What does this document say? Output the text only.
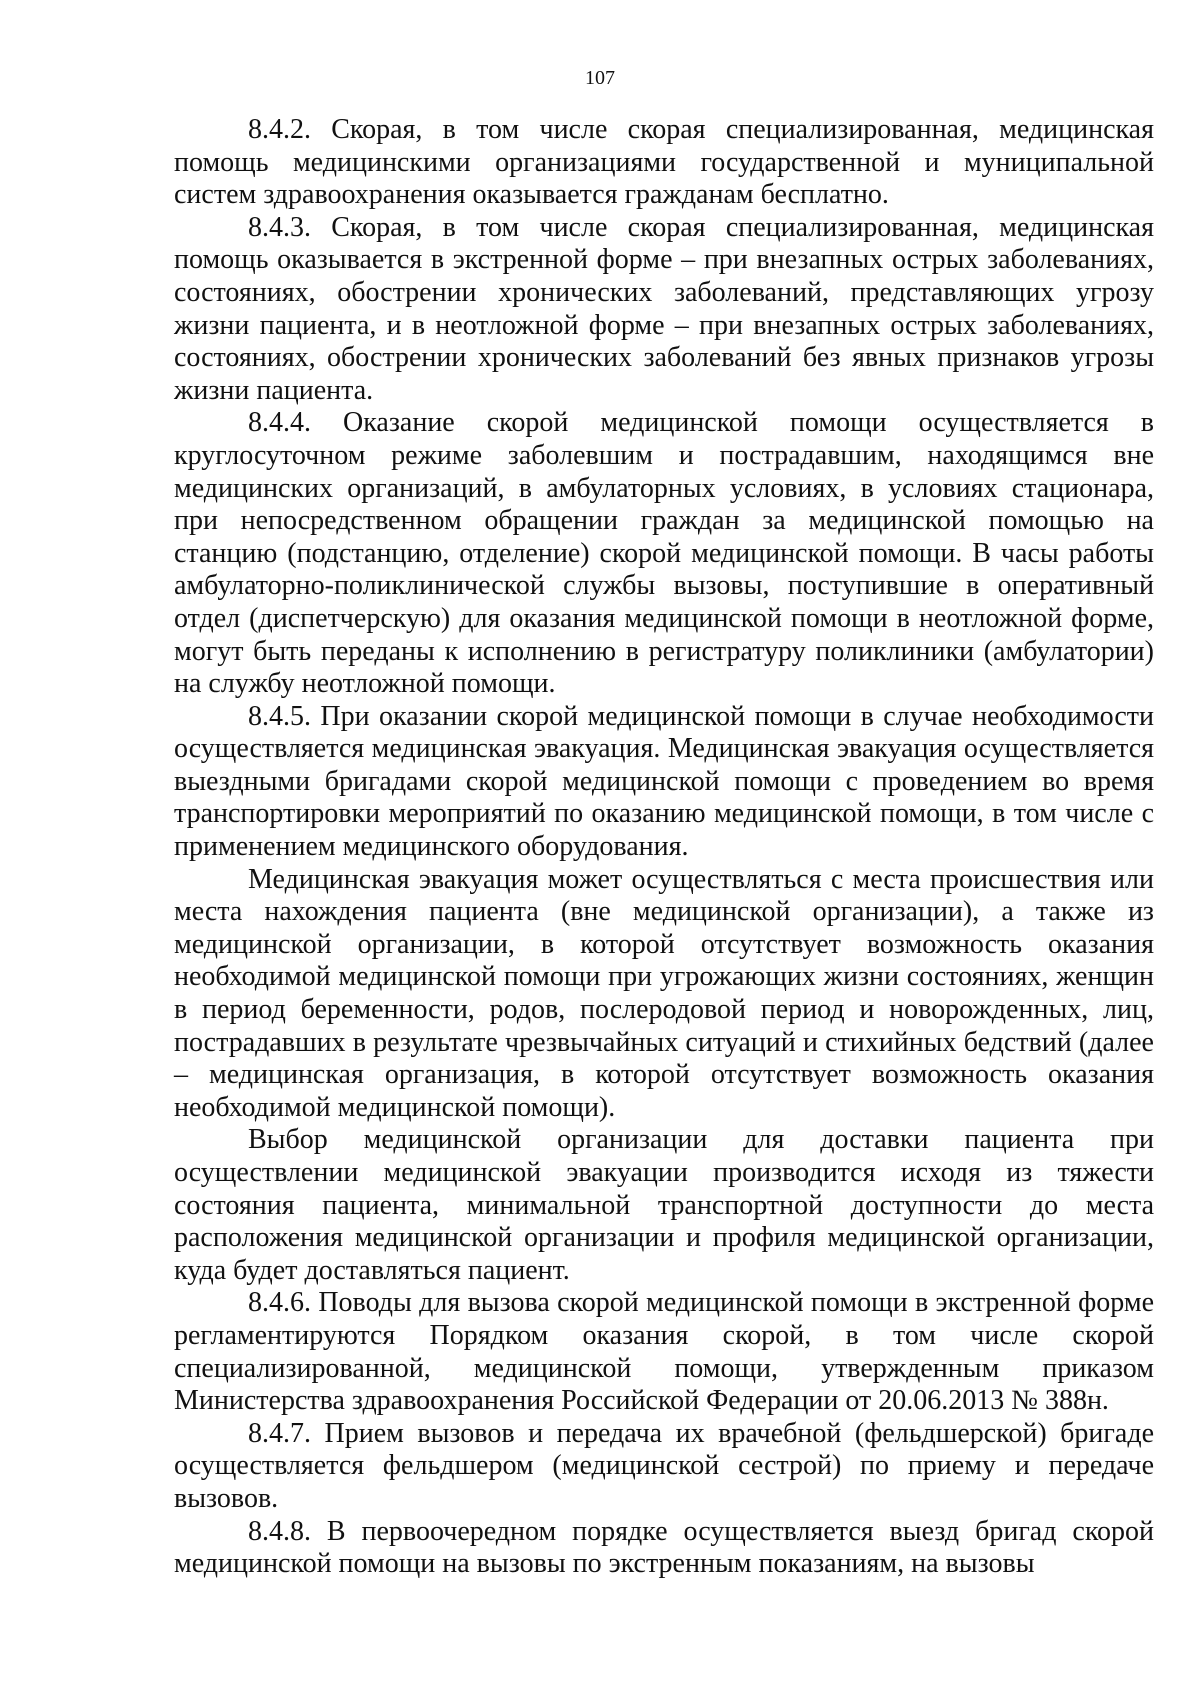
107

8.4.2. Скорая, в том числе скорая специализированная, медицинская помощь медицинскими организациями государственной и муниципальной систем здравоохранения оказывается гражданам бесплатно.

8.4.3. Скорая, в том числе скорая специализированная, медицинская помощь оказывается в экстренной форме – при внезапных острых заболеваниях, состояниях, обострении хронических заболеваний, представляющих угрозу жизни пациента, и в неотложной форме – при внезапных острых заболеваниях, состояниях, обострении хронических заболеваний без явных признаков угрозы жизни пациента.

8.4.4. Оказание скорой медицинской помощи осуществляется в круглосуточном режиме заболевшим и пострадавшим, находящимся вне медицинских организаций, в амбулаторных условиях, в условиях стационара, при непосредственном обращении граждан за медицинской помощью на станцию (подстанцию, отделение) скорой медицинской помощи. В часы работы амбулаторно-поликлинической службы вызовы, поступившие в оперативный отдел (диспетчерскую) для оказания медицинской помощи в неотложной форме, могут быть переданы к исполнению в регистратуру поликлиники (амбулатории) на службу неотложной помощи.

8.4.5. При оказании скорой медицинской помощи в случае необходимости осуществляется медицинская эвакуация. Медицинская эвакуация осуществляется выездными бригадами скорой медицинской помощи с проведением во время транспортировки мероприятий по оказанию медицинской помощи, в том числе с применением медицинского оборудования.

Медицинская эвакуация может осуществляться с места происшествия или места нахождения пациента (вне медицинской организации), а также из медицинской организации, в которой отсутствует возможность оказания необходимой медицинской помощи при угрожающих жизни состояниях, женщин в период беременности, родов, послеродовой период и новорожденных, лиц, пострадавших в результате чрезвычайных ситуаций и стихийных бедствий (далее – медицинская организация, в которой отсутствует возможность оказания необходимой медицинской помощи).

Выбор медицинской организации для доставки пациента при осуществлении медицинской эвакуации производится исходя из тяжести состояния пациента, минимальной транспортной доступности до места расположения медицинской организации и профиля медицинской организации, куда будет доставляться пациент.

8.4.6. Поводы для вызова скорой медицинской помощи в экстренной форме регламентируются Порядком оказания скорой, в том числе скорой специализированной, медицинской помощи, утвержденным приказом Министерства здравоохранения Российской Федерации от 20.06.2013 № 388н.

8.4.7. Прием вызовов и передача их врачебной (фельдшерской) бригаде осуществляется фельдшером (медицинской сестрой) по приему и передаче вызовов.

8.4.8. В первоочередном порядке осуществляется выезд бригад скорой медицинской помощи на вызовы по экстренным показаниям, на вызовы
